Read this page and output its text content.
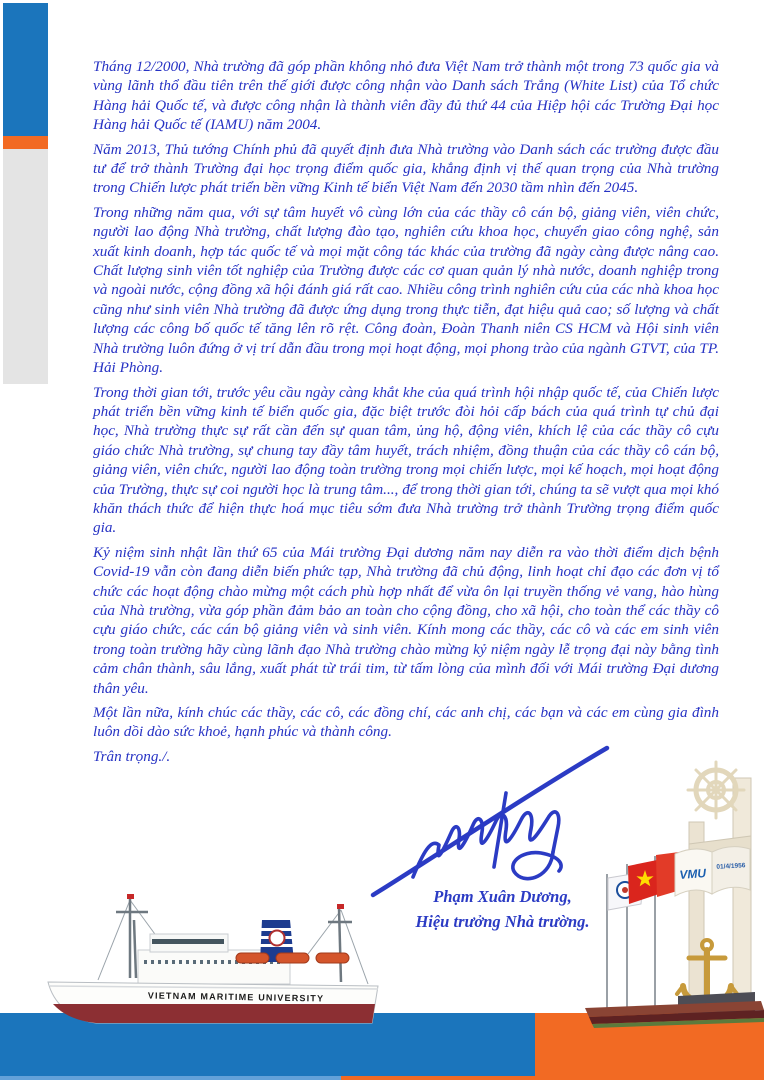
Tháng 12/2000, Nhà trường đã góp phần không nhỏ đưa Việt Nam trở thành một trong 73 quốc gia và vùng lãnh thổ đầu tiên trên thế giới được công nhận vào Danh sách Trắng (White List) của Tổ chức Hàng hải Quốc tế, và được công nhận là thành viên đầy đủ thứ 44 của Hiệp hội các Trường Đại học Hàng hải Quốc tế (IAMU) năm 2004.

Năm 2013, Thủ tướng Chính phủ đã quyết định đưa Nhà trường vào Danh sách các trường được đầu tư để trở thành Trường đại học trọng điểm quốc gia, khẳng định vị thế quan trọng của Nhà trường trong Chiến lược phát triển bền vững Kinh tế biển Việt Nam đến 2030 tầm nhìn đến 2045.

Trong những năm qua, với sự tâm huyết vô cùng lớn của các thầy cô cán bộ, giảng viên, viên chức, người lao động Nhà trường, chất lượng đào tạo, nghiên cứu khoa học, chuyển giao công nghệ, sản xuất kinh doanh, hợp tác quốc tế và mọi mặt công tác khác của trường đã ngày càng được nâng cao. Chất lượng sinh viên tốt nghiệp của Trường được các cơ quan quản lý nhà nước, doanh nghiệp trong và ngoài nước, cộng đồng xã hội đánh giá rất cao. Nhiều công trình nghiên cứu của các nhà khoa học cũng như sinh viên Nhà trường đã được ứng dụng trong thực tiễn, đạt hiệu quả cao; số lượng và chất lượng các công bố quốc tế tăng lên rõ rệt. Công đoàn, Đoàn Thanh niên CS HCM và Hội sinh viên Nhà trường luôn đứng ở vị trí dẫn đầu trong mọi hoạt động, mọi phong trào của ngành GTVT, của TP. Hải Phòng.

Trong thời gian tới, trước yêu cầu ngày càng khắt khe của quá trình hội nhập quốc tế, của Chiến lược phát triển bền vững kinh tế biển quốc gia, đặc biệt trước đòi hỏi cấp bách của quá trình tự chủ đại học, Nhà trường thực sự rất cần đến sự quan tâm, ủng hộ, động viên, khích lệ của các thầy cô cựu giáo chức Nhà trường, sự chung tay đầy tâm huyết, trách nhiệm, đồng thuận của các thầy cô cán bộ, giảng viên, viên chức, người lao động toàn trường trong mọi chiến lược, mọi kế hoạch, mọi hoạt động của Trường, thực sự coi người học là trung tâm..., để trong thời gian tới, chúng ta sẽ vượt qua mọi khó khăn thách thức để hiện thực hoá mục tiêu sớm đưa Nhà trường trở thành Trường trọng điểm quốc gia.

Kỷ niệm sinh nhật lần thứ 65 của Mái trường Đại dương năm nay diễn ra vào thời điểm dịch bệnh Covid-19 vẫn còn đang diễn biến phức tạp, Nhà trường đã chủ động, linh hoạt chỉ đạo các đơn vị tổ chức các hoạt động chào mừng một cách phù hợp nhất để vừa ôn lại truyền thống vẻ vang, hào hùng của Nhà trường, vừa góp phần đảm bảo an toàn cho cộng đồng, cho xã hội, cho toàn thể các thầy cô cựu giáo chức, các cán bộ giảng viên và sinh viên. Kính mong các thầy, các cô và các em sinh viên trong toàn trường hãy cùng lãnh đạo Nhà trường chào mừng kỷ niệm ngày lễ trọng đại này bằng tình cảm chân thành, sâu lắng, xuất phát từ trái tim, từ tấm lòng của mình đối với Mái trường Đại dương thân yêu.

Một lần nữa, kính chúc các thầy, các cô, các đồng chí, các anh chị, các bạn và các em cùng gia đình luôn dồi dào sức khoẻ, hạnh phúc và thành công.

Trân trọng./.

Phạm Xuân Dương,
Hiệu trưởng Nhà trường.
VIETNAM MARITIME UNIVERSITY
VMU 01/4/1956
